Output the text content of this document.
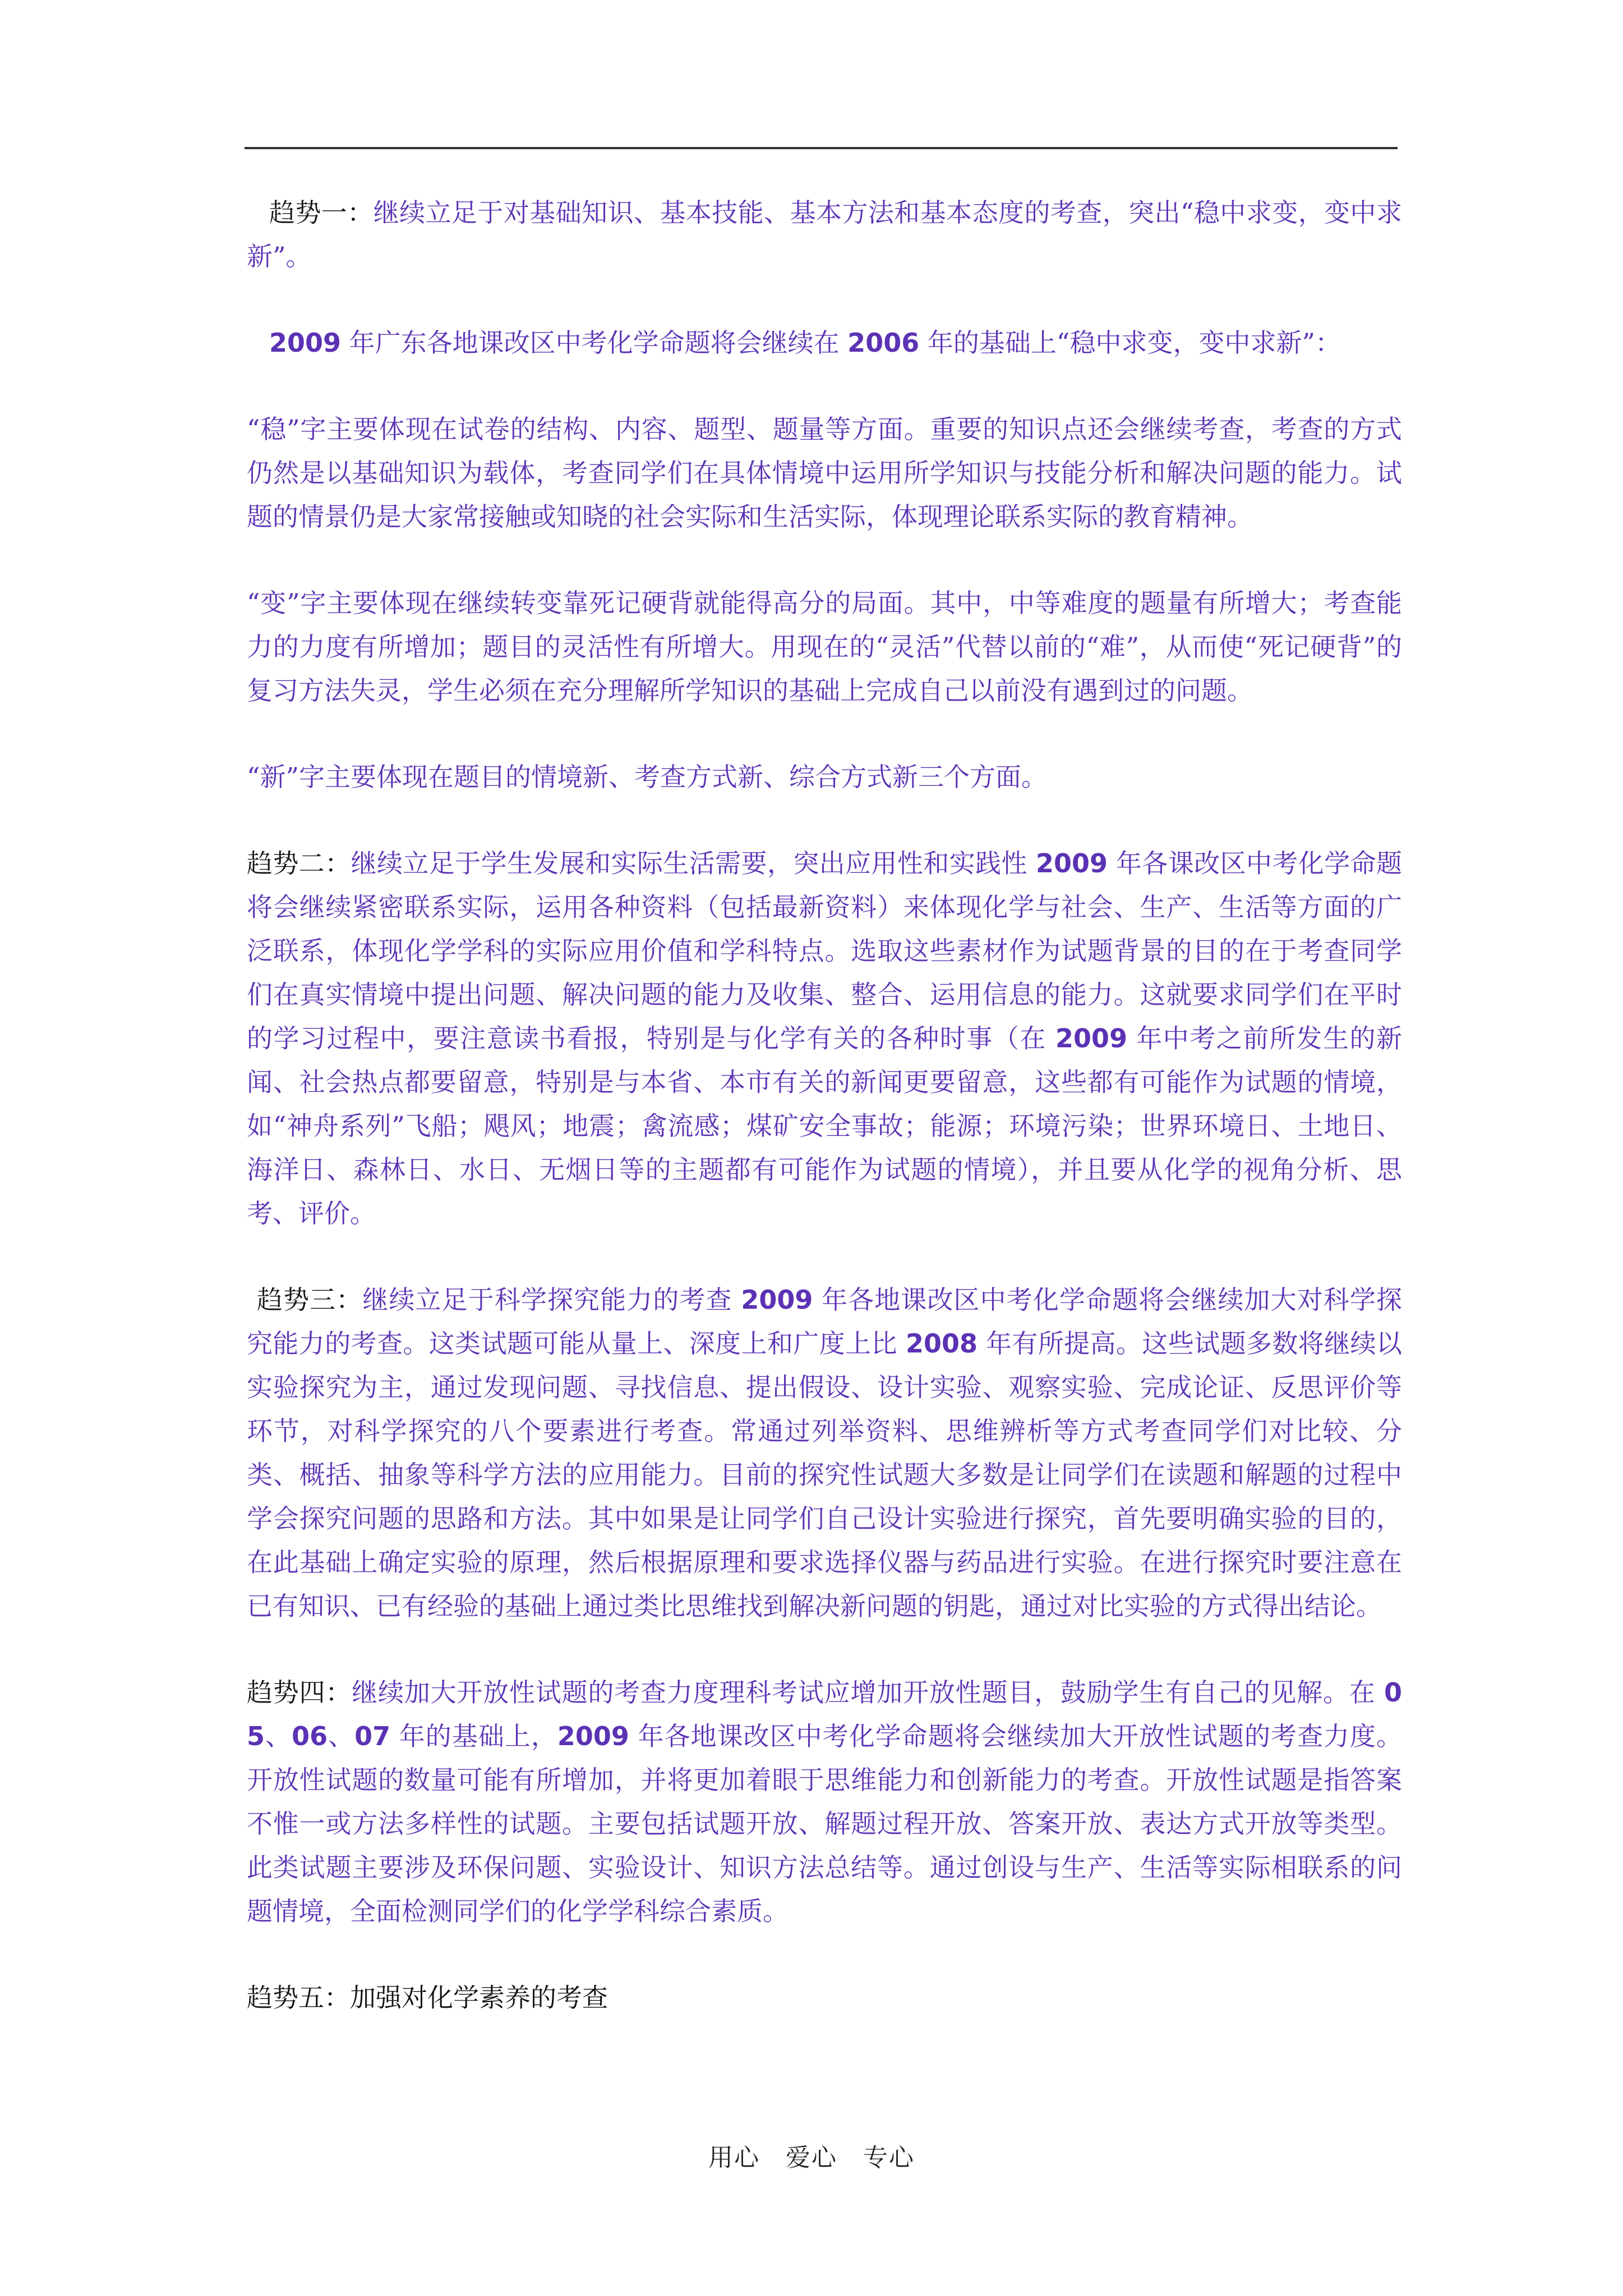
趋势一：继续立足于对基础知识、基本技能、基本方法和基本态度的考查，突出“稳中求变，变中求新”。

2009 年广东各地课改区中考化学命题将会继续在 2006 年的基础上“稳中求变，变中求新”：

“稳”字主要体现在试卷的结构、内容、题型、题量等方面。重要的知识点还会继续考查，考查的方式仍然是以基础知识为载体，考查同学们在具体情境中运用所学知识与技能分析和解决问题的能力。试题的情景仍是大家常接触或知晓的社会实际和生活实际，体现理论联系实际的教育精神。

“变”字主要体现在继续转变靠死记硬背就能得高分的局面。其中，中等难度的题量有所增大；考查能力的力度有所增加；题目的灵活性有所增大。用现在的“灵活”代替以前的“难”，从而使“死记硬背”的复习方法失灵，学生必须在充分理解所学知识的基础上完成自己以前没有遇到过的问题。

“新”字主要体现在题目的情境新、考查方式新、综合方式新三个方面。

趋势二：继续立足于学生发展和实际生活需要，突出应用性和实践性 2009 年各课改区中考化学命题将会继续紧密联系实际，运用各种资料（包括最新资料）来体现化学与社会、生产、生活等方面的广泛联系，体现化学学科的实际应用价值和学科特点。选取这些素材作为试题背景的目的在于考查同学们在真实情境中提出问题、解决问题的能力及收集、整合、运用信息的能力。这就要求同学们在平时的学习过程中，要注意读书看报，特别是与化学有关的各种时事（在 2009 年中考之前所发生的新闻、社会热点都要留意，特别是与本省、本市有关的新闻更要留意，这些都有可能作为试题的情境，如“神舟系列”飞船；飓风；地震；禽流感；煤矿安全事故；能源；环境污染；世界环境日、土地日、海洋日、森林日、水日、无烟日等的主题都有可能作为试题的情境），并且要从化学的视角分析、思考、评价。

趋势三：继续立足于科学探究能力的考查 2009 年各地课改区中考化学命题将会继续加大对科学探究能力的考查。这类试题可能从量上、深度上和广度上比 2008 年有所提高。这些试题多数将继续以实验探究为主，通过发现问题、寻找信息、提出假设、设计实验、观察实验、完成论证、反思评价等环节，对科学探究的八个要素进行考查。常通过列举资料、思维辨析等方式考查同学们对比较、分类、概括、抽象等科学方法的应用能力。目前的探究性试题大多数是让同学们在读题和解题的过程中学会探究问题的思路和方法。其中如果是让同学们自己设计实验进行探究，首先要明确实验的目的，在此基础上确定实验的原理，然后根据原理和要求选择仪器与药品进行实验。在进行探究时要注意在已有知识、已有经验的基础上通过类比思维找到解决新问题的钥匙，通过对比实验的方式得出结论。

趋势四：继续加大开放性试题的考查力度理科考试应增加开放性题目，鼓励学生有自己的见解。在 05、06、07 年的基础上，2009 年各地课改区中考化学命题将会继续加大开放性试题的考查力度。开放性试题的数量可能有所增加，并将更加着眼于思维能力和创新能力的考查。开放性试题是指答案不惟一或方法多样性的试题。主要包括试题开放、解题过程开放、答案开放、表达方式开放等类型。此类试题主要涉及环保问题、实验设计、知识方法总结等。通过创设与生产、生活等实际相联系的问题情境，全面检测同学们的化学学科综合素质。

趋势五：加强对化学素养的考查

用心　爱心　专心
